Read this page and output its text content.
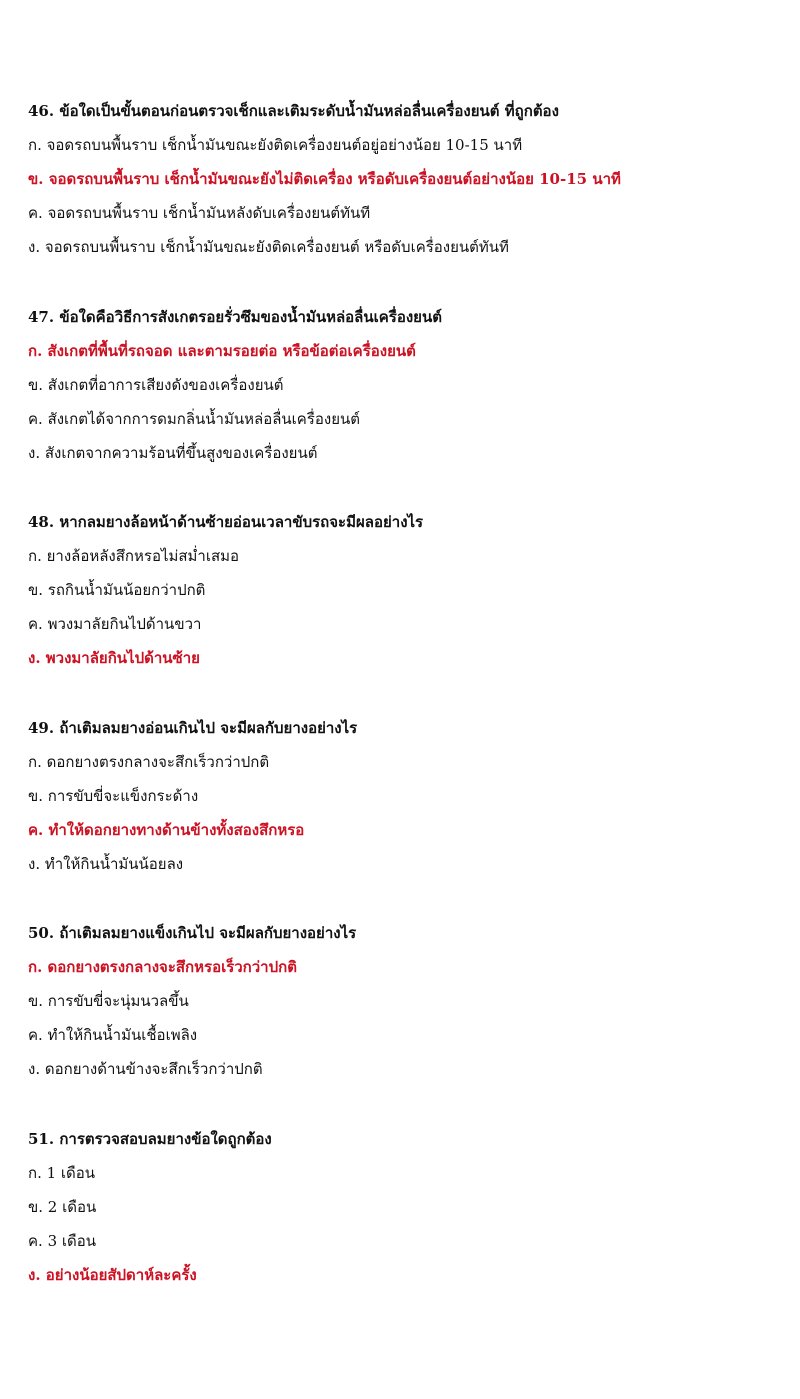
46. ข้อใดเป็นขั้นตอนก่อนตรวจเช็กและเติมระดับน้ำมันหล่อลื่นเครื่องยนต์ ที่ถูกต้อง
ก. จอดรถบนพื้นราบ เช็กน้ำมันขณะยังติดเครื่องยนต์อยู่อย่างน้อย 10-15 นาที
ข. จอดรถบนพื้นราบ เช็กน้ำมันขณะยังไม่ติดเครื่อง หรือดับเครื่องยนต์อย่างน้อย 10-15 นาที
ค. จอดรถบนพื้นราบ เช็กน้ำมันหลังดับเครื่องยนต์ทันที
ง. จอดรถบนพื้นราบ เช็กน้ำมันขณะยังติดเครื่องยนต์ หรือดับเครื่องยนต์ทันที
47. ข้อใดคือวิธีการสังเกตรอยรั่วซึมของน้ำมันหล่อลื่นเครื่องยนต์
ก. สังเกตที่พื้นที่รถจอด และตามรอยต่อ หรือข้อต่อเครื่องยนต์
ข. สังเกตที่อาการเสียงดังของเครื่องยนต์
ค. สังเกตได้จากการดมกลิ่นน้ำมันหล่อลื่นเครื่องยนต์
ง. สังเกตจากความร้อนที่ขึ้นสูงของเครื่องยนต์
48. หากลมยางล้อหน้าด้านซ้ายอ่อนเวลาขับรถจะมีผลอย่างไร
ก. ยางล้อหลังสึกหรอไม่สม่ำเสมอ
ข. รถกินน้ำมันน้อยกว่าปกติ
ค. พวงมาลัยกินไปด้านขวา
ง. พวงมาลัยกินไปด้านซ้าย
49. ถ้าเติมลมยางอ่อนเกินไป จะมีผลกับยางอย่างไร
ก. ดอกยางตรงกลางจะสึกเร็วกว่าปกติ
ข. การขับขี่จะแข็งกระด้าง
ค. ทำให้ดอกยางทางด้านข้างทั้งสองสึกหรอ
ง. ทำให้กินน้ำมันน้อยลง
50. ถ้าเติมลมยางแข็งเกินไป จะมีผลกับยางอย่างไร
ก. ดอกยางตรงกลางจะสึกหรอเร็วกว่าปกติ
ข. การขับขี่จะนุ่มนวลขึ้น
ค. ทำให้กินน้ำมันเชื้อเพลิง
ง. ดอกยางด้านข้างจะสึกเร็วกว่าปกติ
51. การตรวจสอบลมยางข้อใดถูกต้อง
ก. 1 เดือน
ข. 2 เดือน
ค. 3 เดือน
ง. อย่างน้อยสัปดาห์ละครั้ง
